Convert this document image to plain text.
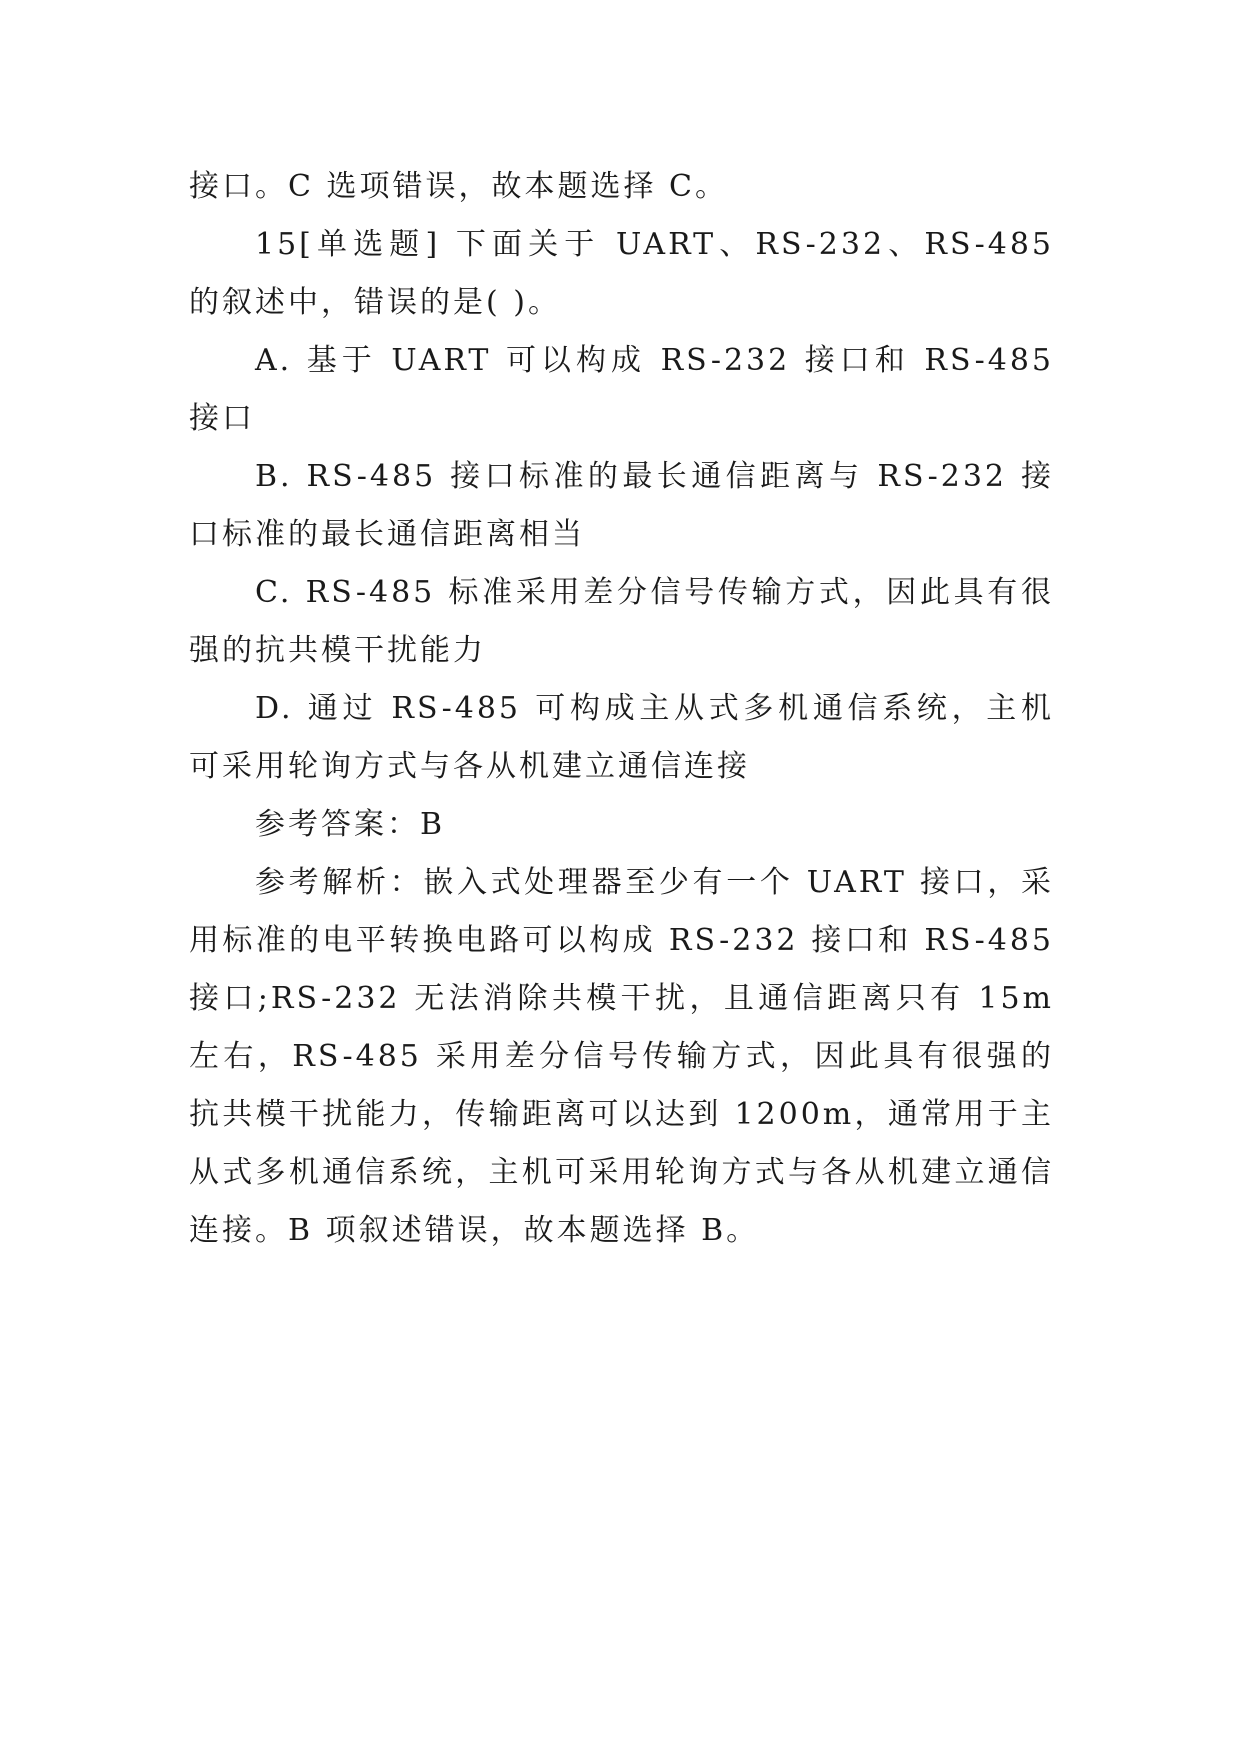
接口。C 选项错误，故本题选择 C。

15[单选题] 下面关于 UART、RS-232、RS-485 的叙述中，错误的是( )。

A. 基于 UART 可以构成 RS-232 接口和 RS-485 接口

B. RS-485 接口标准的最长通信距离与 RS-232 接口标准的最长通信距离相当

C. RS-485 标准采用差分信号传输方式，因此具有很强的抗共模干扰能力

D. 通过 RS-485 可构成主从式多机通信系统，主机可采用轮询方式与各从机建立通信连接

参考答案：B

参考解析：嵌入式处理器至少有一个 UART 接口，采用标准的电平转换电路可以构成 RS-232 接口和 RS-485 接口;RS-232 无法消除共模干扰，且通信距离只有 15m 左右，RS-485 采用差分信号传输方式，因此具有很强的抗共模干扰能力，传输距离可以达到 1200m，通常用于主从式多机通信系统，主机可采用轮询方式与各从机建立通信连接。B 项叙述错误，故本题选择 B。
